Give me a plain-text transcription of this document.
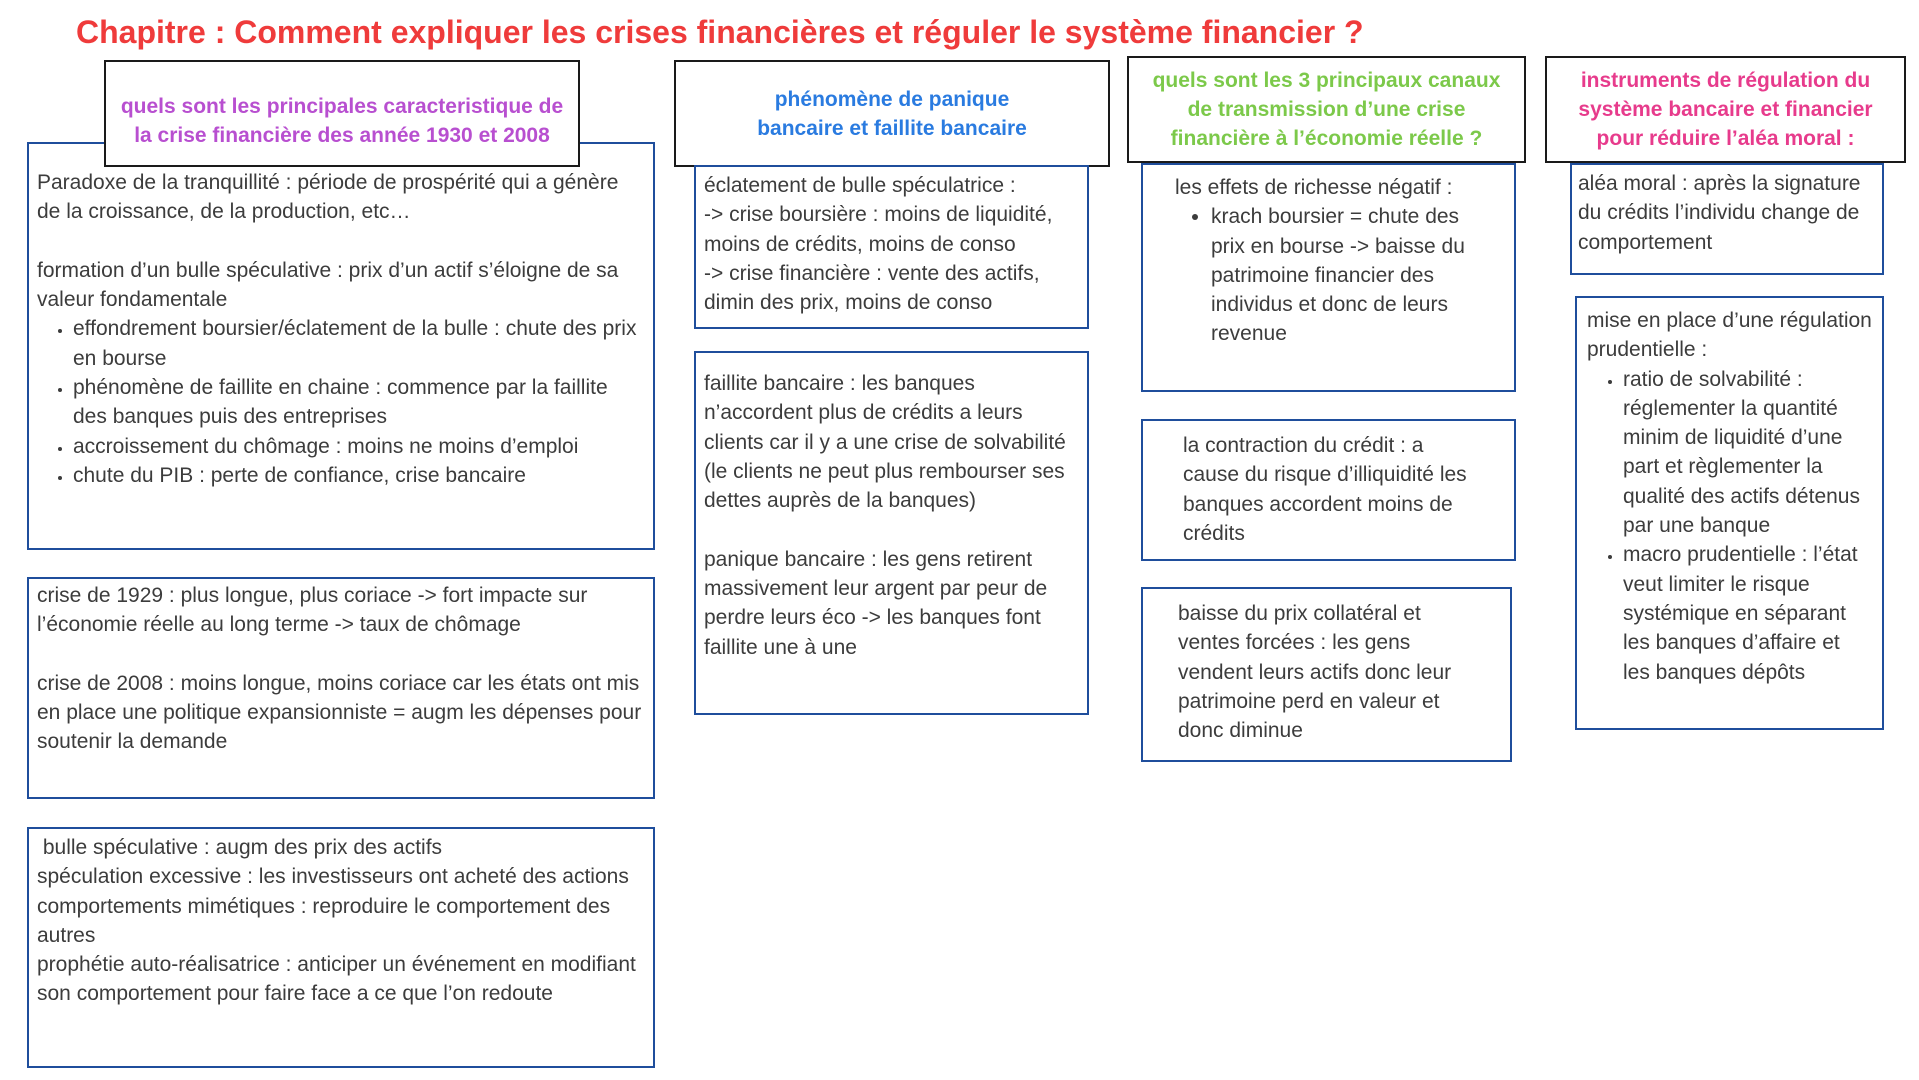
Chapitre : Comment expliquer les crises financières et réguler le système financier ?

Paradoxe de la tranquillité : période de prospérité qui a génère de la croissance, de la production, etc…

formation d’un bulle spéculative : prix d’un actif s’éloigne de sa valeur fondamentale

• effondrement boursier/éclatement de la bulle : chute des prix en bourse
• phénomène de faillite en chaine : commence par la faillite des banques puis des entreprises
• accroissement du chômage : moins ne moins d’emploi
• chute du PIB : perte de confiance, crise bancaire
quels sont les principales caracteristique de la crise financière des année 1930 et 2008

crise de 1929 : plus longue, plus coriace -> fort impacte sur l’économie réelle au long terme -> taux de chômage

crise de 2008 : moins longue, moins coriace car les états ont mis en place une politique expansionniste = augm les dépenses pour soutenir la demande

bulle spéculative : augm des prix des actifs

spéculation excessive : les investisseurs ont acheté des actions

comportements mimétiques : reproduire le comportement des autres

prophétie auto-réalisatrice : anticiper un événement en modifiant son comportement pour faire face a ce que l’on redoute

phénomène de panique bancaire et faillite bancaire

éclatement de bulle spéculatrice :

-> crise boursière : moins de liquidité, moins de crédits, moins de conso

-> crise financière : vente des actifs, dimin des prix, moins de conso

faillite bancaire : les banques n’accordent plus de crédits a leurs clients car il y a une crise de solvabilité (le clients ne peut plus rembourser ses dettes auprès de la banques)

panique bancaire : les gens retirent massivement leur argent par peur de perdre leurs éco -> les banques font faillite une à une

quels sont les 3 principaux canaux de transmission d’une crise financière à l’économie réelle ?

les effets de richesse négatif :

• krach boursier = chute des prix en bourse -> baisse du patrimoine financier des individus et donc de leurs revenue

la contraction du crédit : a cause du risque d’illiquidité les banques accordent moins de crédits

baisse du prix collatéral et ventes forcées : les gens vendent leurs actifs donc leur patrimoine perd en valeur et donc diminue

instruments de régulation du système bancaire et financier pour réduire l’aléa moral :

aléa moral : après la signature du crédits l’individu change de comportement

mise en place d’une régulation prudentielle :

• ratio de solvabilité : réglementer la quantité minim de liquidité d’une part et règlementer la qualité des actifs détenus par une banque
• macro prudentielle : l’état veut limiter le risque systémique en séparant les banques d’affaire et les banques dépôts
